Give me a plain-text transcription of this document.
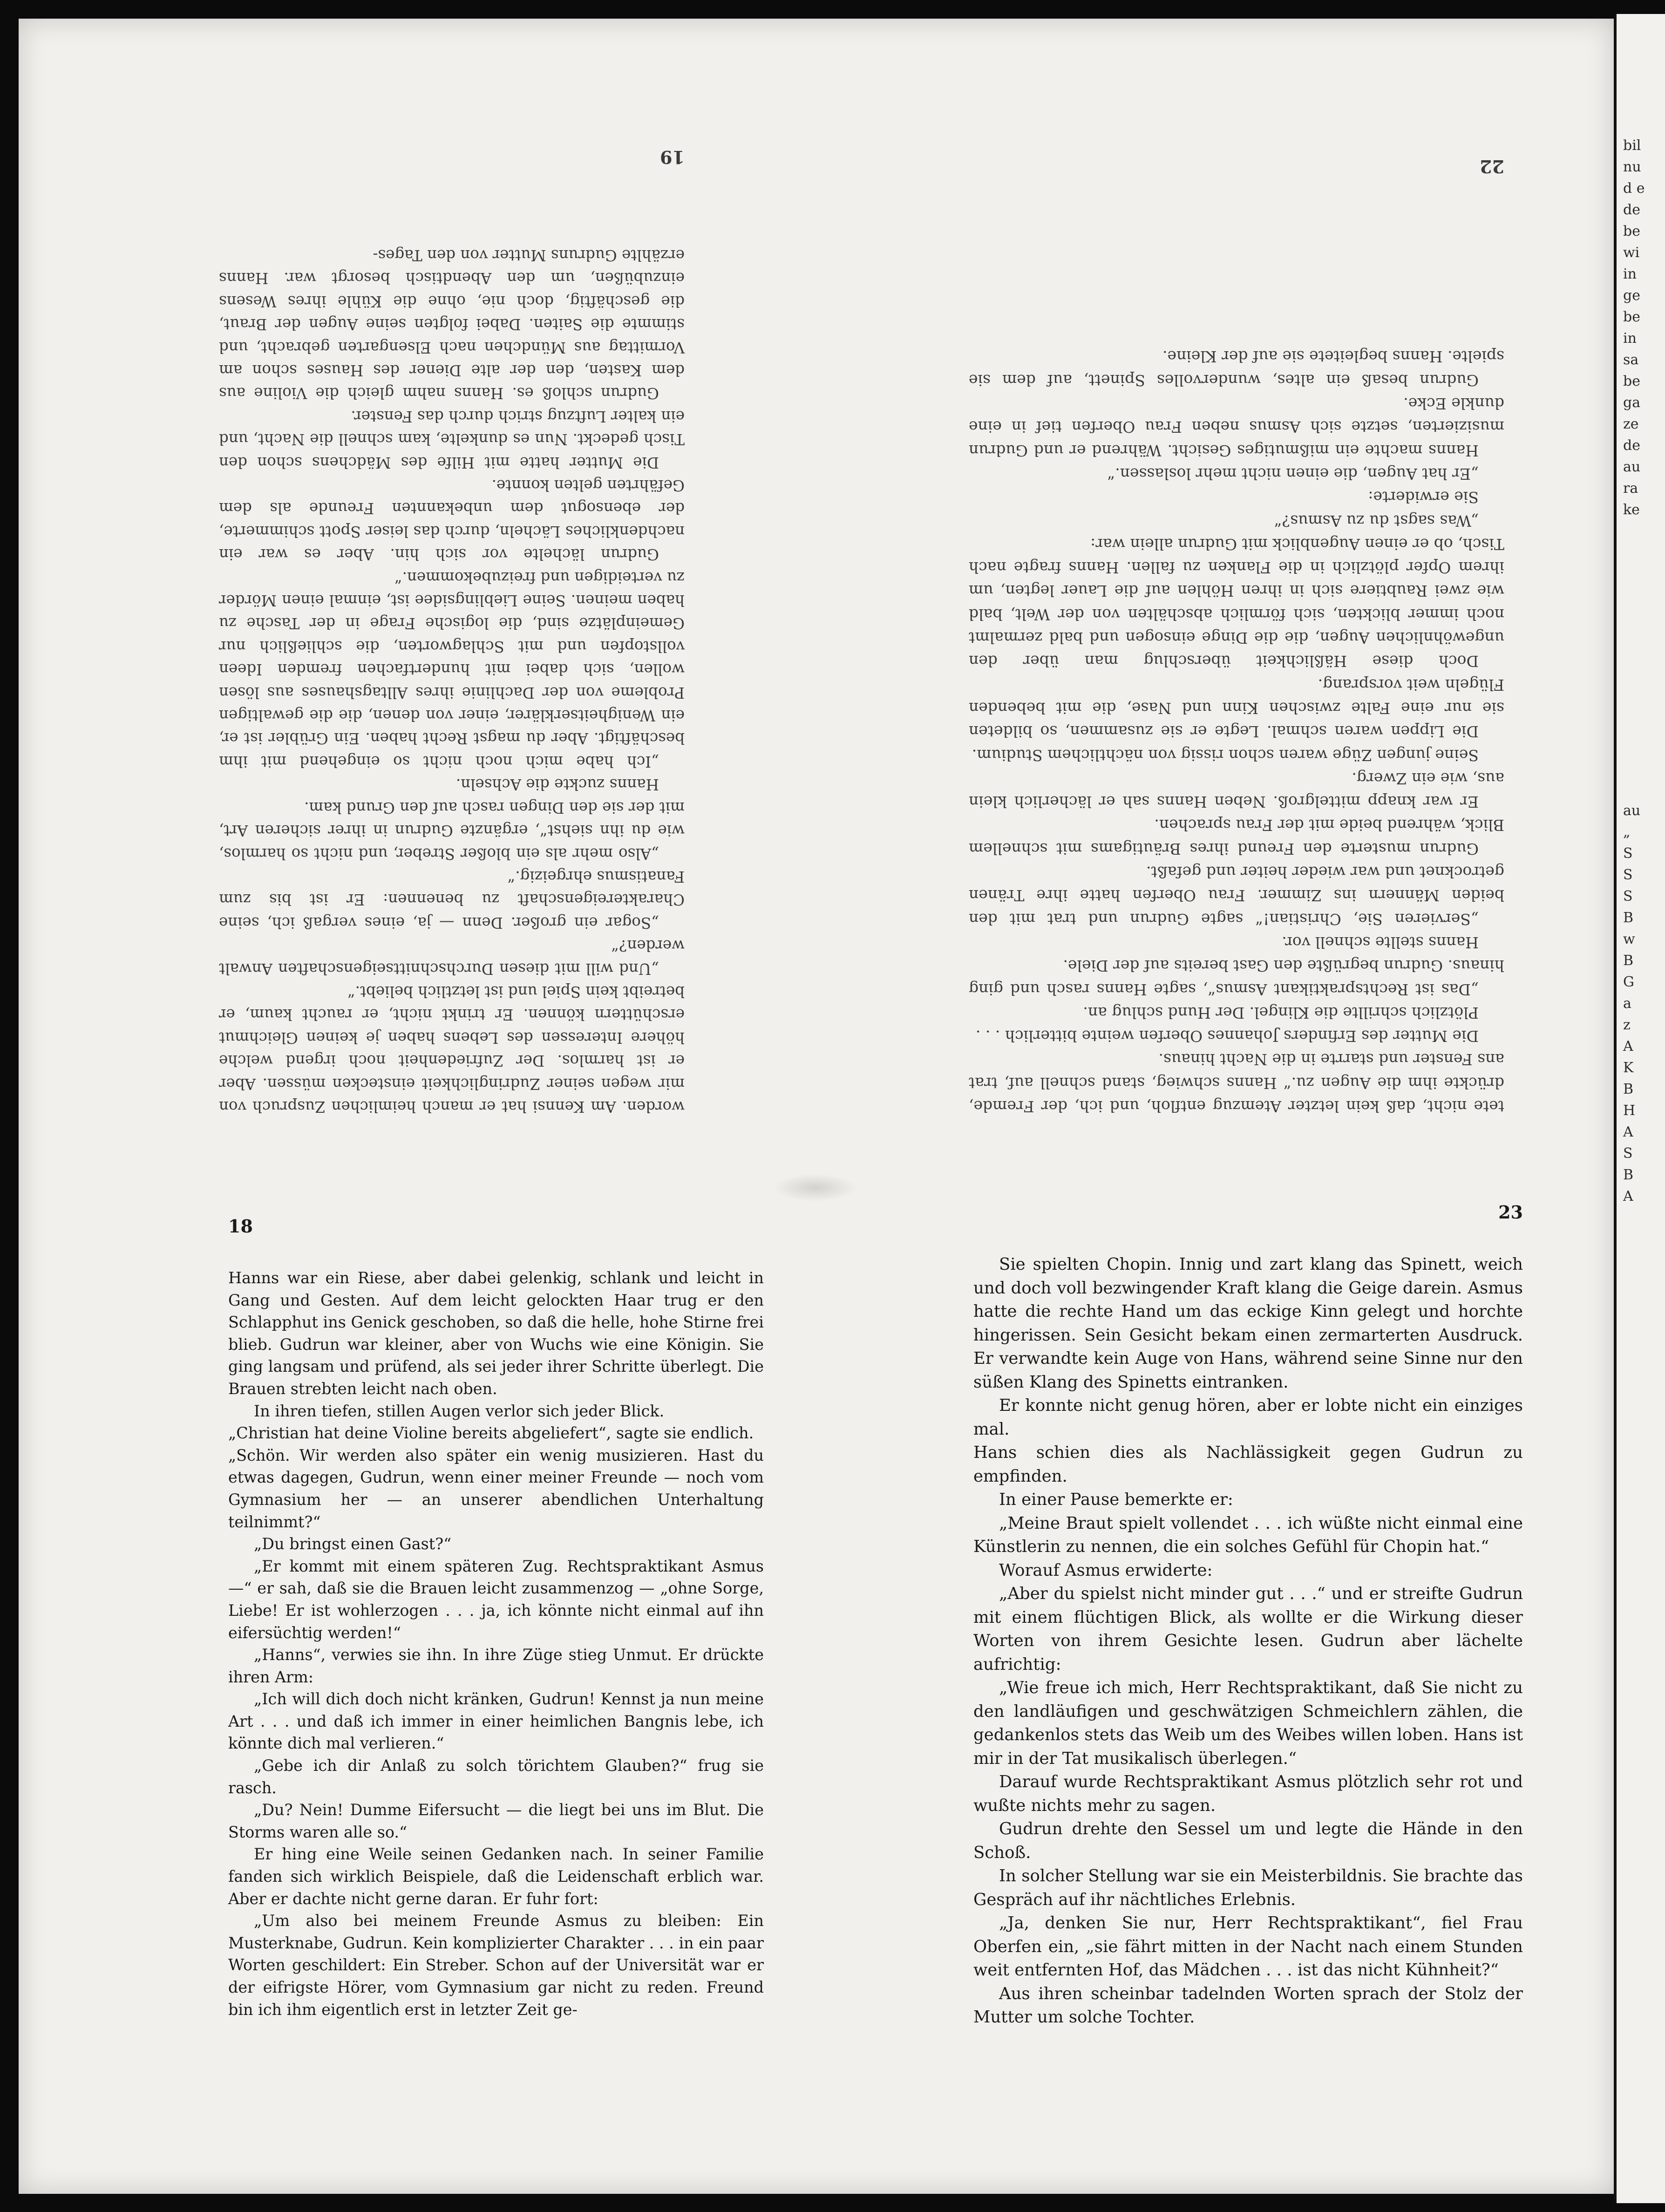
bil
nu
d e
de
be
wi
in
ge
be
in
sa
be
ga
ze
de
au
ra
ke
au
„
S
S
S
B
w
B
G
a
z
A
K
B
H
A
S
B
A
19

worden. Am Kennsi hat er manch heimlichen Zuspruch von mir wegen seiner Zudringlichkeit einstecken müssen. Aber er ist harmlos. Der Zufriedenheit noch irgend welche höhere Interessen des Lebens haben je keinen Gleichmut erschüttern können. Er trinkt nicht, er raucht kaum, er betreibt kein Spiel und ist letztlich beliebt.“

„Und will mit diesen Durchschnittseigenschaften Anwalt werden?“

„Sogar ein großer. Denn — ja, eines vergaß ich, seine Charaktereigenschaft zu benennen: Er ist bis zum Fanatismus ehrgeizig.“

„Also mehr als ein bloßer Streber, und nicht so harmlos, wie du ihn siehst“, ergänzte Gudrun in ihrer sicheren Art, mit der sie den Dingen rasch auf den Grund kam.

Hanns zuckte die Achseln.

„Ich habe mich noch nicht so eingehend mit ihm beschäftigt. Aber du magst Recht haben. Ein Grübler ist er, ein Wenigheitserklärer, einer von denen, die die gewaltigen Probleme von der Dachlinie ihres Alltagshauses aus lösen wollen, sich dabei mit hundertfachen fremden Ideen vollstopfen und mit Schlagworten, die schließlich nur Gemeinplätze sind, die logische Frage in der Tasche zu haben meinen. Seine Lieblingsidee ist, einmal einen Mörder zu verteidigen und freizubekommen.“

Gudrun lächelte vor sich hin. Aber es war ein nachdenkliches Lächeln, durch das leiser Spott schimmerte, der ebensogut dem unbekannten Freunde als dem Gefährten gelten konnte.

Die Mutter hatte mit Hilfe des Mädchens schon den Tisch gedeckt. Nun es dunkelte, kam schnell die Nacht, und ein kalter Luftzug strich durch das Fenster.

Gudrun schloß es. Hanns nahm gleich die Violine aus dem Kasten, den der alte Diener des Hauses schon am Vormittag aus Mündchen nach Elsengarten gebracht, und stimmte die Saiten. Dabei folgten seine Augen der Braut, die geschäftig, doch nie, ohne die Kühle ihres Wesens einzubüßen, um den Abendtisch besorgt war. Hanns erzählte Gudruns Mutter von den Tages-

22

tete nicht, daß kein letzter Atemzug entfloh, und ich, der Fremde, drückte ihm die Augen zu.“ Hanns schwieg, stand schnell auf, trat ans Fenster und starrte in die Nacht hinaus.

Die Mutter des Erfinders Johannes Oberfen weinte bitterlich . . .

Plötzlich schrillte die Klingel. Der Hund schlug an.

„Das ist Rechtspraktikant Asmus“, sagte Hanns rasch und ging hinaus. Gudrun begrüßte den Gast bereits auf der Diele.

Hanns stellte schnell vor.

„Servieren Sie, Christian!“ sagte Gudrun und trat mit den beiden Männern ins Zimmer. Frau Oberfen hatte ihre Tränen getrocknet und war wieder heiter und gefaßt.

Gudrun musterte den Freund ihres Bräutigams mit schnellem Blick, während beide mit der Frau sprachen.

Er war knapp mittelgroß. Neben Hanns sah er lächerlich klein aus, wie ein Zwerg.

Seine jungen Züge waren schon rissig von nächtlichem Studium.

Die Lippen waren schmal. Legte er sie zusammen, so bildeten sie nur eine Falte zwischen Kinn und Nase, die mit bebenden Flügeln weit vorsprang.

Doch diese Häßlichkeit überschlug man über den ungewöhnlichen Augen, die die Dinge einsogen und bald zermalmt noch immer blickten, sich förmlich abschälten von der Welt, bald wie zwei Raubtiere sich in ihren Höhlen auf die Lauer legten, um ihrem Opfer plötzlich in die Flanken zu fallen. Hanns fragte nach Tisch, ob er einen Augenblick mit Gudrun allein war:

„Was sagst du zu Asmus?“

Sie erwiderte:

„Er hat Augen, die einen nicht mehr loslassen.“

Hanns machte ein mißmutiges Gesicht. Während er und Gudrun musizierten, setzte sich Asmus neben Frau Oberfen tief in eine dunkle Ecke.

Gudrun besaß ein altes, wundervolles Spinett, auf dem sie spielte. Hanns begleitete sie auf der Kleine.

18

Hanns war ein Riese, aber dabei gelenkig, schlank und leicht in Gang und Gesten. Auf dem leicht gelockten Haar trug er den Schlapphut ins Genick geschoben, so daß die helle, hohe Stirne frei blieb. Gudrun war kleiner, aber von Wuchs wie eine Königin. Sie ging langsam und prüfend, als sei jeder ihrer Schritte überlegt. Die Brauen strebten leicht nach oben.

In ihren tiefen, stillen Augen verlor sich jeder Blick.

„Christian hat deine Violine bereits abgeliefert“, sagte sie endlich.

„Schön. Wir werden also später ein wenig musizieren. Hast du etwas dagegen, Gudrun, wenn einer meiner Freunde — noch vom Gymnasium her — an unserer abendlichen Unterhaltung teilnimmt?“

„Du bringst einen Gast?“

„Er kommt mit einem späteren Zug. Rechtspraktikant Asmus —“ er sah, daß sie die Brauen leicht zusammenzog — „ohne Sorge, Liebe! Er ist wohlerzogen . . . ja, ich könnte nicht einmal auf ihn eifersüchtig werden!“

„Hanns“, verwies sie ihn. In ihre Züge stieg Unmut. Er drückte ihren Arm:

„Ich will dich doch nicht kränken, Gudrun! Kennst ja nun meine Art . . . und daß ich immer in einer heimlichen Bangnis lebe, ich könnte dich mal verlieren.“

„Gebe ich dir Anlaß zu solch törichtem Glauben?“ frug sie rasch.

„Du? Nein! Dumme Eifersucht — die liegt bei uns im Blut. Die Storms waren alle so.“

Er hing eine Weile seinen Gedanken nach. In seiner Familie fanden sich wirklich Beispiele, daß die Leidenschaft erblich war. Aber er dachte nicht gerne daran. Er fuhr fort:

„Um also bei meinem Freunde Asmus zu bleiben: Ein Musterknabe, Gudrun. Kein komplizierter Charakter . . . in ein paar Worten geschildert: Ein Streber. Schon auf der Universität war er der eifrigste Hörer, vom Gymnasium gar nicht zu reden. Freund bin ich ihm eigentlich erst in letzter Zeit ge-

23

Sie spielten Chopin. Innig und zart klang das Spinett, weich und doch voll bezwingender Kraft klang die Geige darein. Asmus hatte die rechte Hand um das eckige Kinn gelegt und horchte hingerissen. Sein Gesicht bekam einen zermarterten Ausdruck. Er verwandte kein Auge von Hans, während seine Sinne nur den süßen Klang des Spinetts eintranken.

Er konnte nicht genug hören, aber er lobte nicht ein einziges mal.

Hans schien dies als Nachlässigkeit gegen Gudrun zu empfinden.

In einer Pause bemerkte er:

„Meine Braut spielt vollendet . . . ich wüßte nicht einmal eine Künstlerin zu nennen, die ein solches Gefühl für Chopin hat.“

Worauf Asmus erwiderte:

„Aber du spielst nicht minder gut . . .“ und er streifte Gudrun mit einem flüchtigen Blick, als wollte er die Wirkung dieser Worten von ihrem Gesichte lesen. Gudrun aber lächelte aufrichtig:

„Wie freue ich mich, Herr Rechtspraktikant, daß Sie nicht zu den landläufigen und geschwätzigen Schmeichlern zählen, die gedankenlos stets das Weib um des Weibes willen loben. Hans ist mir in der Tat musikalisch überlegen.“

Darauf wurde Rechtspraktikant Asmus plötzlich sehr rot und wußte nichts mehr zu sagen.

Gudrun drehte den Sessel um und legte die Hände in den Schoß.

In solcher Stellung war sie ein Meisterbildnis. Sie brachte das Gespräch auf ihr nächtliches Erlebnis.

„Ja, denken Sie nur, Herr Rechtspraktikant“, fiel Frau Oberfen ein, „sie fährt mitten in der Nacht nach einem Stunden weit entfernten Hof, das Mädchen . . . ist das nicht Kühnheit?“

Aus ihren scheinbar tadelnden Worten sprach der Stolz der Mutter um solche Tochter.
